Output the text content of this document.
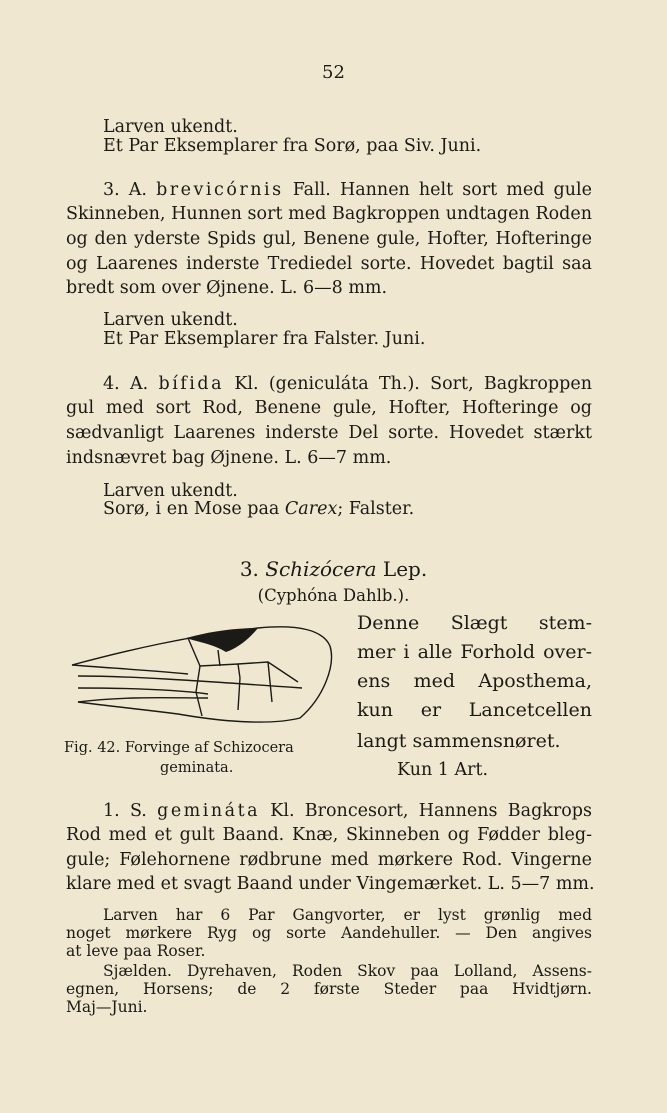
52
Larven ukendt.
Et Par Eksemplarer fra Sorø, paa Siv. Juni.
3. A. brevicórnis Fall. Hannen helt sort med gule
Skinneben, Hunnen sort med Bagkroppen undtagen Roden
og den yderste Spids gul, Benene gule, Hofter, Hofteringe
og Laarenes inderste Trediedel sorte. Hovedet bagtil saa
bredt som over Øjnene. L. 6—8 mm.
Larven ukendt.
Et Par Eksemplarer fra Falster. Juni.
4. A. bífida Kl. (geniculáta Th.). Sort, Bagkroppen
gul med sort Rod, Benene gule, Hofter, Hofteringe og
sædvanligt Laarenes inderste Del sorte. Hovedet stærkt
indsnævret bag Øjnene. L. 6—7 mm.
Larven ukendt.
Sorø, i en Mose paa Carex; Falster.
3. Schizócera Lep.
(Cyphóna Dahlb.).
Fig. 42. Forvinge af Schizocera
geminata.
Denne Slægt stem-
mer i alle Forhold over-
ens med Aposthema,
kun er Lancetcellen
langt sammensnøret.
Kun 1 Art.
1. S. gemináta Kl. Broncesort, Hannens Bagkrops
Rod med et gult Baand. Knæ, Skinneben og Fødder bleg-
gule; Følehornene rødbrune med mørkere Rod. Vingerne
klare med et svagt Baand under Vingemærket. L. 5—7 mm.
Larven har 6 Par Gangvorter, er lyst grønlig med
noget mørkere Ryg og sorte Aandehuller. — Den angives
at leve paa Roser.
Sjælden. Dyrehaven, Roden Skov paa Lolland, Assens-
egnen, Horsens; de 2 første Steder paa Hvidtjørn.
Maj—Juni.
